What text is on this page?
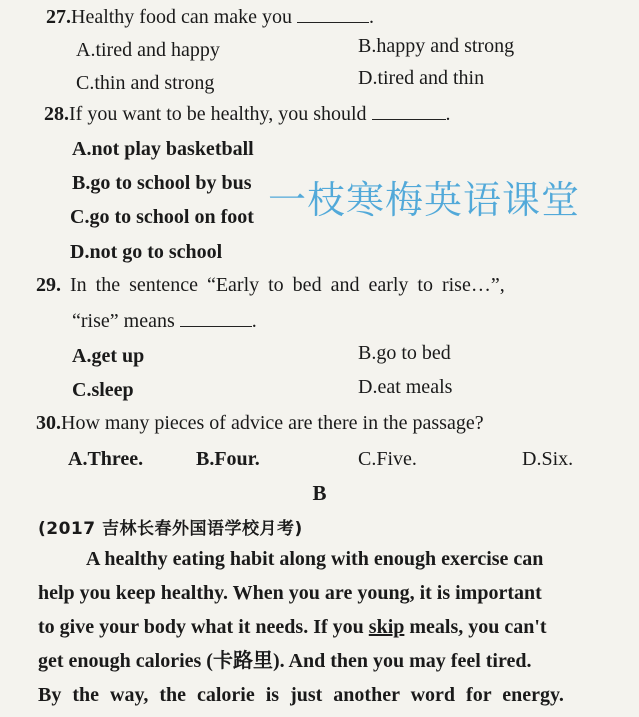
27.Healthy food can make you	.
A.tired and happy	B.happy and strong
C.thin and strong	D.tired and thin
28.If you want to be healthy, you should	.
A.not play basketball
B.go to school by bus
C.go to school on foot
D.not go to school
29. In the sentence “Early to bed and early to rise…”,
“rise” means	.
A.get up	B.go to bed
C.sleep	D.eat meals
30.How many pieces of advice are there in the passage?
A.Three.	B.Four.	C.Five.	D.Six.
B
(2017 吉林长春外国语学校月考)
A healthy eating habit along with enough exercise can
help you keep healthy. When you are young, it is important
to give your body what it needs. If you skip meals, you can't
get enough calories (卡路里). And then you may feel tired.
By the way, the calorie is just another word for energy.
一枝寒梅英语课堂
